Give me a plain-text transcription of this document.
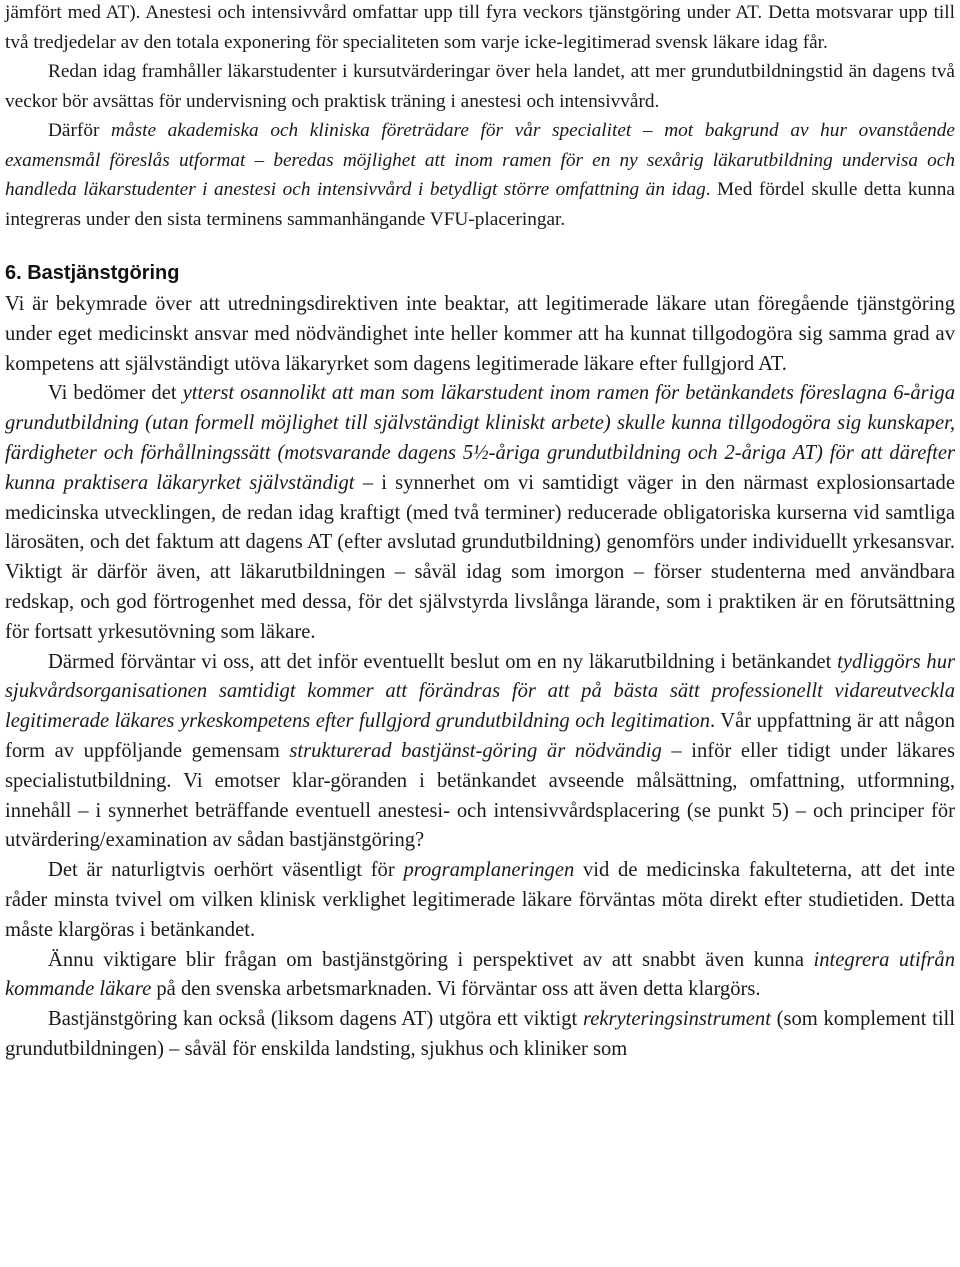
jämfört med AT). Anestesi och intensivvård omfattar upp till fyra veckors tjänstgöring under AT. Detta motsvarar upp till två tredjedelar av den totala exponering för specialiteten som varje icke-legitimerad svensk läkare idag får.

Redan idag framhåller läkarstudenter i kursutvärderingar över hela landet, att mer grundutbildningstid än dagens två veckor bör avsättas för undervisning och praktisk träning i anestesi och intensivvård.

Därför måste akademiska och kliniska företrädare för vår specialitet – mot bakgrund av hur ovanstående examensmål föreslås utformat – beredas möjlighet att inom ramen för en ny sexårig läkarutbildning undervisa och handleda läkarstudenter i anestesi och intensivvård i betydligt större omfattning än idag. Med fördel skulle detta kunna integreras under den sista terminens sammanhängande VFU-placeringar.

6. Bastjänstgöring

Vi är bekymrade över att utredningsdirektiven inte beaktar, att legitimerade läkare utan föregående tjänstgöring under eget medicinskt ansvar med nödvändighet inte heller kommer att ha kunnat tillgodogöra sig samma grad av kompetens att självständigt utöva läkaryrket som dagens legitimerade läkare efter fullgjord AT.

Vi bedömer det ytterst osannolikt att man som läkarstudent inom ramen för betänkandets föreslagna 6-åriga grundutbildning (utan formell möjlighet till självständigt kliniskt arbete) skulle kunna tillgodogöra sig kunskaper, färdigheter och förhållningssätt (motsvarande dagens 5½-åriga grundutbildning och 2-åriga AT) för att därefter kunna praktisera läkaryrket självständigt – i synnerhet om vi samtidigt väger in den närmast explosionsartade medicinska utvecklingen, de redan idag kraftigt (med två terminer) reducerade obligatoriska kurserna vid samtliga lärosäten, och det faktum att dagens AT (efter avslutad grundutbildning) genomförs under individuellt yrkesansvar. Viktigt är därför även, att läkarutbildningen – såväl idag som imorgon – förser studenterna med användbara redskap, och god förtrogenhet med dessa, för det självstyrda livslånga lärande, som i praktiken är en förutsättning för fortsatt yrkesutövning som läkare.

Därmed förväntar vi oss, att det inför eventuellt beslut om en ny läkarutbildning i betänkandet tydliggörs hur sjukvårdsorganisationen samtidigt kommer att förändras för att på bästa sätt professionellt vidareutveckla legitimerade läkares yrkeskompetens efter fullgjord grundutbildning och legitimation. Vår uppfattning är att någon form av uppföljande gemensam strukturerad bastjänst-göring är nödvändig – inför eller tidigt under läkares specialistutbildning. Vi emotser klar-göranden i betänkandet avseende målsättning, omfattning, utformning, innehåll – i synnerhet beträffande eventuell anestesi- och intensivvårdsplacering (se punkt 5) – och principer för utvärdering/examination av sådan bastjänstgöring?

Det är naturligtvis oerhört väsentligt för programplaneringen vid de medicinska fakulteterna, att det inte råder minsta tvivel om vilken klinisk verklighet legitimerade läkare förväntas möta direkt efter studietiden. Detta måste klargöras i betänkandet.

Ännu viktigare blir frågan om bastjänstgöring i perspektivet av att snabbt även kunna integrera utifrån kommande läkare på den svenska arbetsmarknaden. Vi förväntar oss att även detta klargörs.

Bastjänstgöring kan också (liksom dagens AT) utgöra ett viktigt rekryteringsinstrument (som komplement till grundutbildningen) – såväl för enskilda landsting, sjukhus och kliniker som
